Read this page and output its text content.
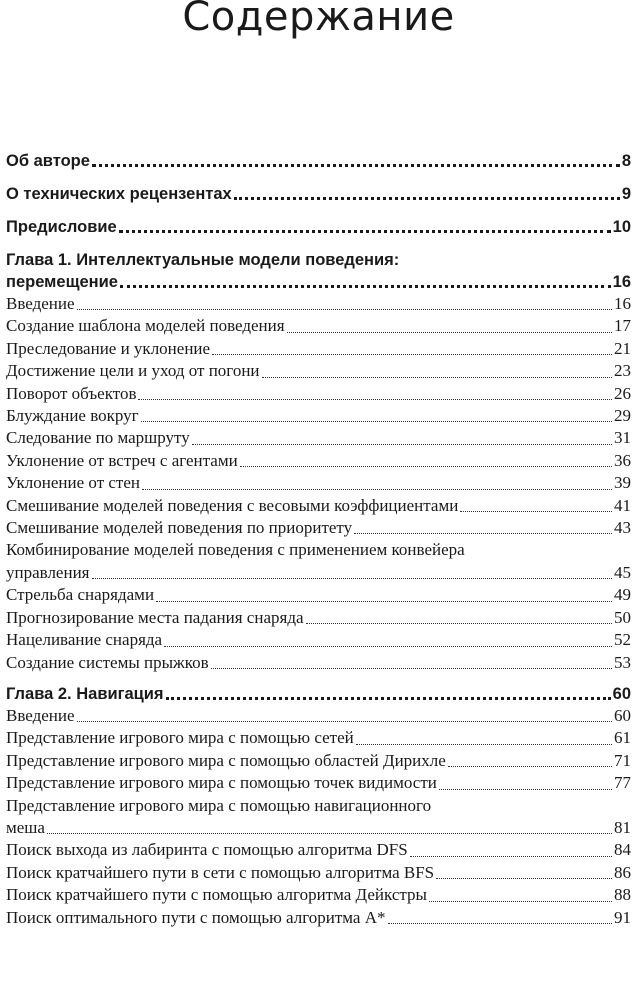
Содержание
Об авторе	8
О технических рецензентах	9
Предисловие	10
Глава 1. Интеллектуальные модели поведения:
перемещение	16
Введение	16
Создание шаблона моделей поведения	17
Преследование и уклонение	21
Достижение цели и уход от погони	23
Поворот объектов	26
Блуждание вокруг	29
Следование по маршруту	31
Уклонение от встреч с агентами	36
Уклонение от стен	39
Смешивание моделей поведения с весовыми коэффициентами	41
Смешивание моделей поведения по приоритету	43
Комбинирование моделей поведения с применением конвейера
управления	45
Стрельба снарядами	49
Прогнозирование места падания снаряда	50
Нацеливание снаряда	52
Создание системы прыжков	53
Глава 2. Навигация	60
Введение	60
Представление игрового мира с помощью сетей	61
Представление игрового мира с помощью областей Дирихле	71
Представление игрового мира с помощью точек видимости	77
Представление игрового мира с помощью навигационного
меша	81
Поиск выхода из лабиринта с помощью алгоритма DFS	84
Поиск кратчайшего пути в сети с помощью алгоритма BFS	86
Поиск кратчайшего пути с помощью алгоритма Дейкстры	88
Поиск оптимального пути с помощью алгоритма A*	91
